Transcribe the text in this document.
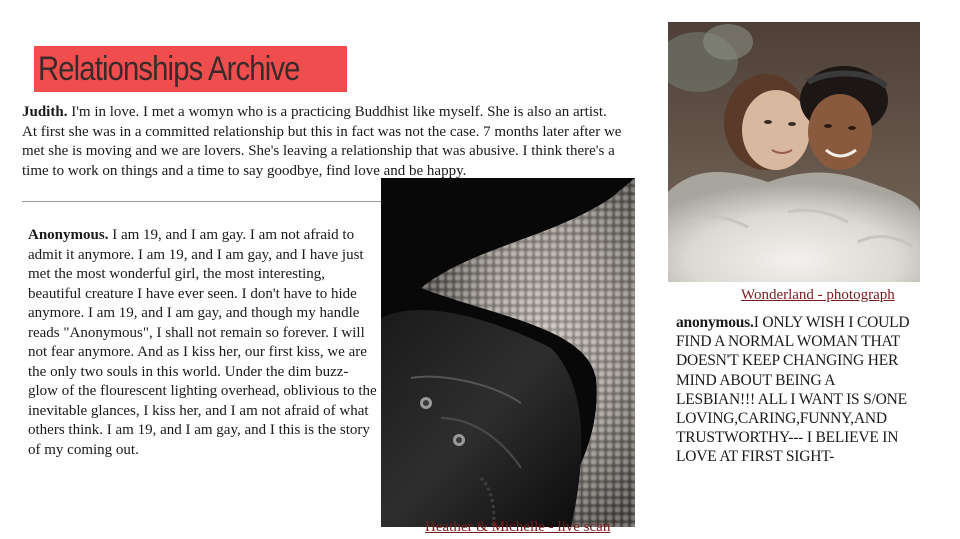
Relationships Archive
Judith. I'm in love. I met a womyn who is a practicing Buddhist like myself. She is also an artist. At first she was in a committed relationship but this in fact was not the case. 7 months later after we met she is moving and we are lovers. She's leaving a relationship that was abusive. I think there's a time to work on things and a time to say goodbye, find love and be happy.
Anonymous. I am 19, and I am gay. I am not afraid to admit it anymore. I am 19, and I am gay, and I have just met the most wonderful girl, the most interesting, beautiful creature I have ever seen. I don't have to hide anymore. I am 19, and I am gay, and though my handle reads "Anonymous", I shall not remain so forever. I will not fear anymore. And as I kiss her, our first kiss, we are the only two souls in this world. Under the dim buzz-glow of the flourescent lighting overhead, oblivious to the inevitable glances, I kiss her, and I am not afraid of what others think. I am 19, and I am gay, and I this is the story of my coming out.
Heather & Michelle - live scan
Wonderland - photograph
anonymous.I ONLY WISH I COULD FIND A NORMAL WOMAN THAT DOESN'T KEEP CHANGING HER MIND ABOUT BEING A LESBIAN!!! ALL I WANT IS S/ONE LOVING,CARING,FUNNY,AND TRUSTWORTHY--- I BELIEVE IN LOVE AT FIRST SIGHT-
